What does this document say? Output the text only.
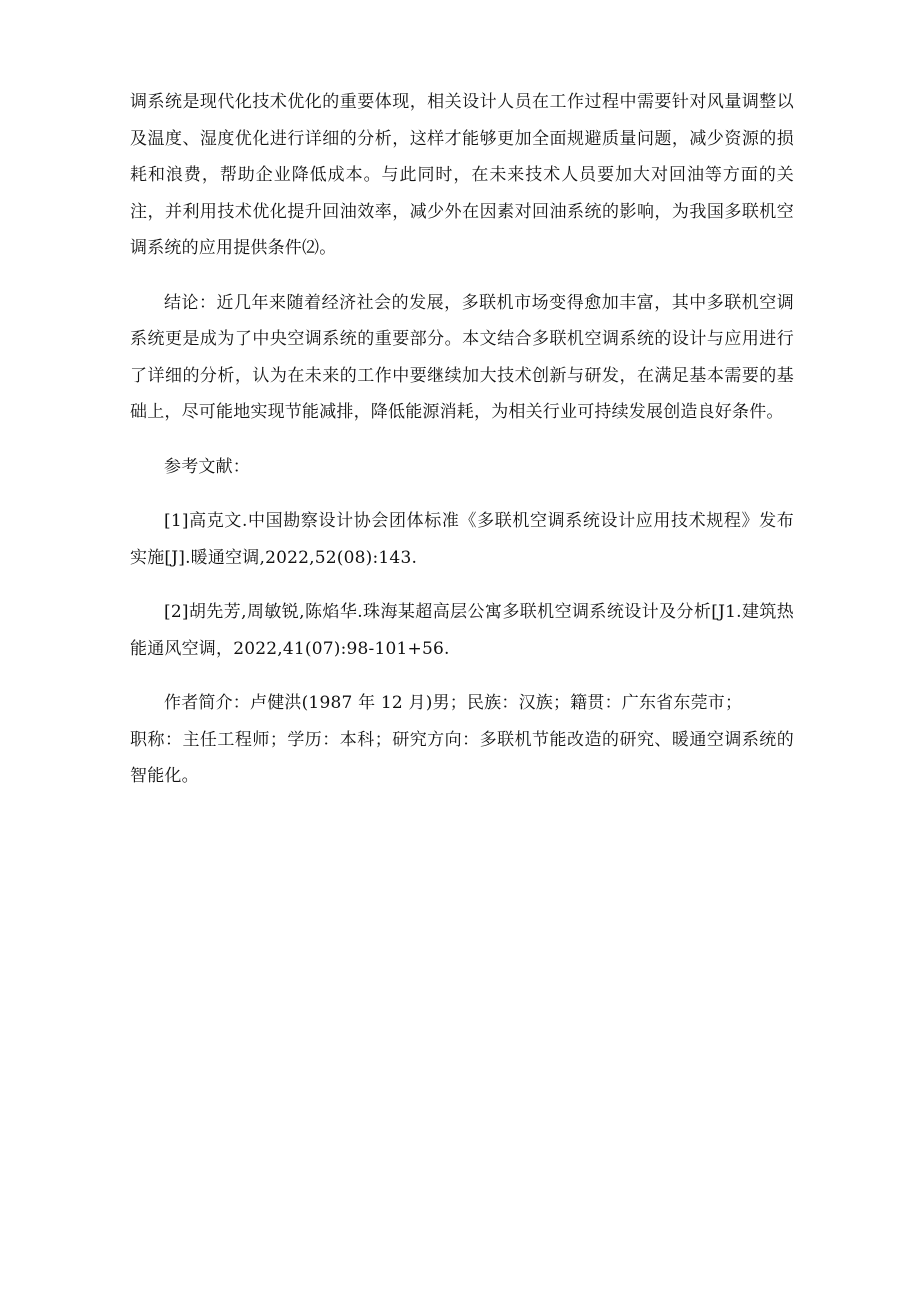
调系统是现代化技术优化的重要体现，相关设计人员在工作过程中需要针对风量调整以及温度、湿度优化进行详细的分析，这样才能够更加全面规避质量问题，减少资源的损耗和浪费，帮助企业降低成本。与此同时，在未来技术人员要加大对回油等方面的关注，并利用技术优化提升回油效率，减少外在因素对回油系统的影响，为我国多联机空调系统的应用提供条件⑵。

结论：近几年来随着经济社会的发展，多联机市场变得愈加丰富，其中多联机空调系统更是成为了中央空调系统的重要部分。本文结合多联机空调系统的设计与应用进行了详细的分析，认为在未来的工作中要继续加大技术创新与研发，在满足基本需要的基础上，尽可能地实现节能减排，降低能源消耗，为相关行业可持续发展创造良好条件。

参考文献：

[1]高克文.中国勘察设计协会团体标准《多联机空调系统设计应用技术规程》发布实施[J].暖通空调,2022,52(08):143.

[2]胡先芳,周敏锐,陈焰华.珠海某超高层公寓多联机空调系统设计及分析[J1.建筑热能通风空调，2022,41(07):98-101+56.

作者简介：卢健洪(1987 年 12 月)男；民族：汉族；籍贯：广东省东莞市；

职称：主任工程师；学历：本科；研究方向：多联机节能改造的研究、暖通空调系统的智能化。
